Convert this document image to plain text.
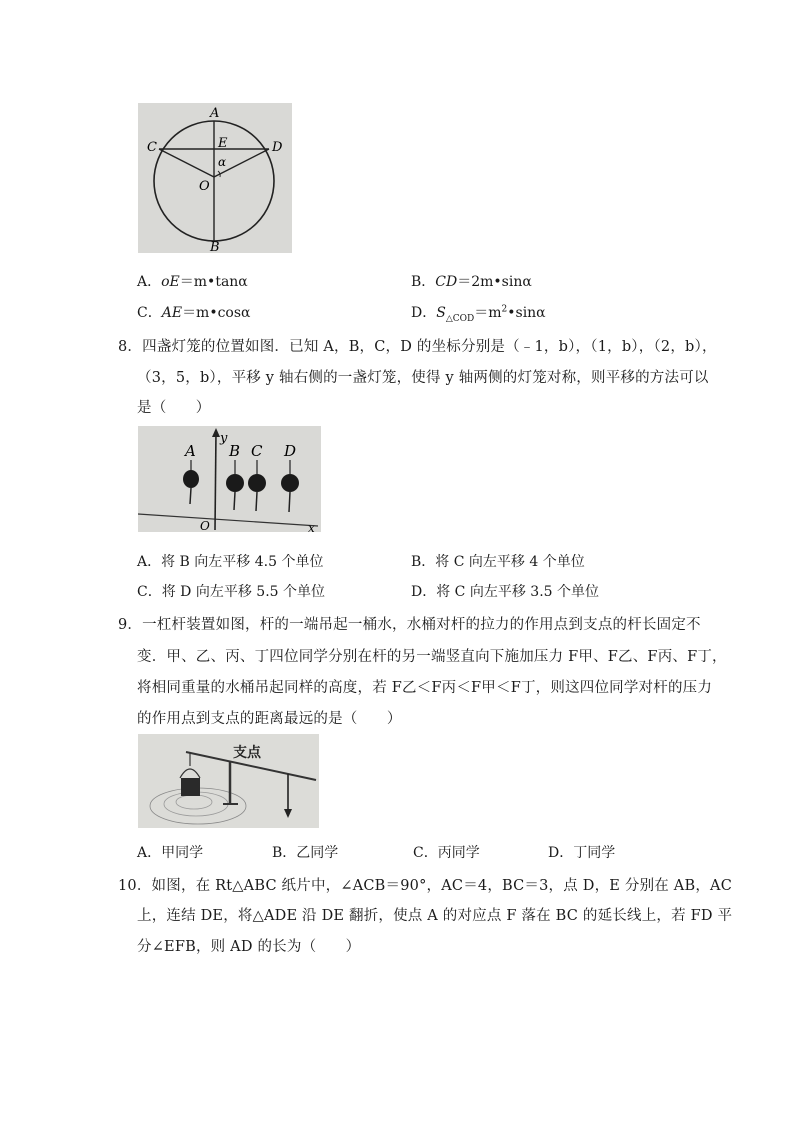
A
B
C	D
E
O
α
A．oE＝m•tanα	B．CD＝2m•sinα
C．AE＝m•cosα	D．$S_{\triangle COD}=m^2•\sin\alpha$
8．四盏灯笼的位置如图．已知 A，B，C，D 的坐标分别是（﹣1，b），（1，b），（2，b），
（3，5，b），平移 y 轴右侧的一盏灯笼，使得 y 轴两侧的灯笼对称，则平移的方法可以
是（　　）
y
O	x
A B C D
A．将 B 向左平移 4.5 个单位	B．将 C 向左平移 4 个单位
C．将 D 向左平移 5.5 个单位	D．将 C 向左平移 3.5 个单位
9．一杠杆装置如图，杆的一端吊起一桶水，水桶对杆的拉力的作用点到支点的杆长固定不
变．甲、乙、丙、丁四位同学分别在杆的另一端竖直向下施加压力 F甲、F乙、F丙、F丁，
将相同重量的水桶吊起同样的高度，若 F乙＜F丙＜F甲＜F丁，则这四位同学对杆的压力
的作用点到支点的距离最远的是（　　）
支点
A．甲同学	B．乙同学	C．丙同学	D．丁同学
10．如图，在 Rt△ABC 纸片中，∠ACB＝90°，AC＝4，BC＝3，点 D，E 分别在 AB，AC
上，连结 DE，将△ADE 沿 DE 翻折，使点 A 的对应点 F 落在 BC 的延长线上，若 FD 平
分∠EFB，则 AD 的长为（　　）
